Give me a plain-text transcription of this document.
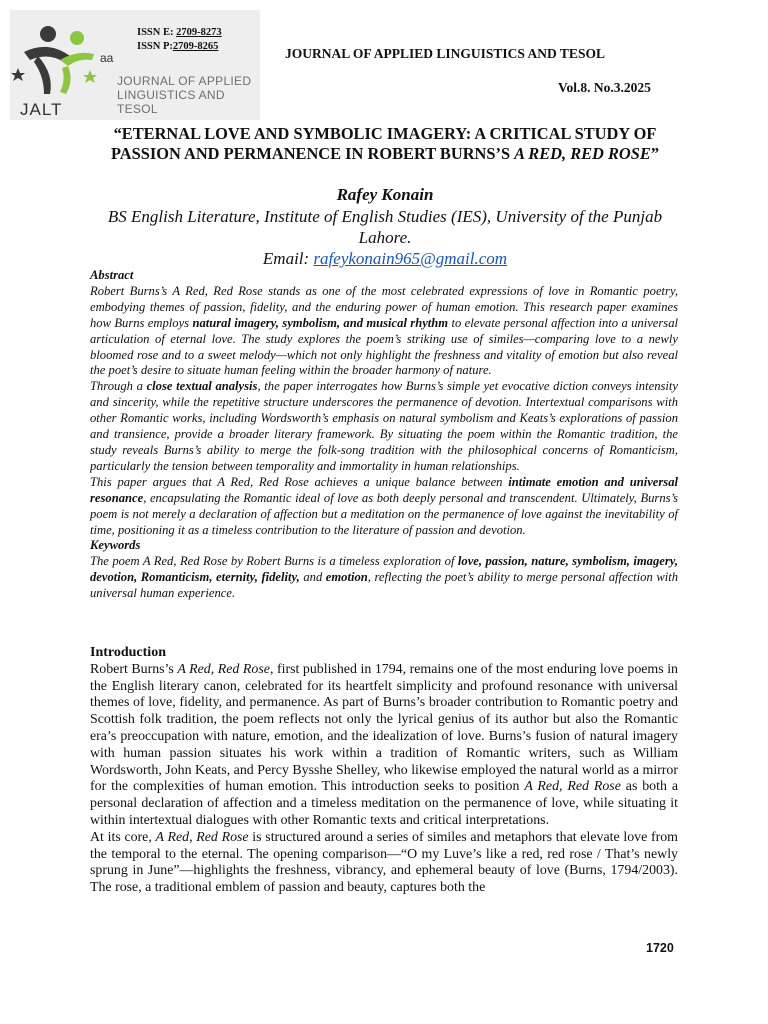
aa
ISSN E: 2709-8273
ISSN P:2709-8265
JOURNAL OF APPLIED LINGUISTICS AND TESOL
JALT
JOURNAL OF APPLIED LINGUISTICS AND TESOL
Vol.8. No.3.2025
“ETERNAL LOVE AND SYMBOLIC IMAGERY: A CRITICAL STUDY OF PASSION AND PERMANENCE IN ROBERT BURNS’S A RED, RED ROSE”
Rafey Konain
BS English Literature, Institute of English Studies (IES), University of the Punjab Lahore.
Email: rafeykonain965@gmail.com

Abstract

Robert Burns’s A Red, Red Rose stands as one of the most celebrated expressions of love in Romantic poetry, embodying themes of passion, fidelity, and the enduring power of human emotion. This research paper examines how Burns employs natural imagery, symbolism, and musical rhythm to elevate personal affection into a universal articulation of eternal love. The study explores the poem’s striking use of similes—comparing love to a newly bloomed rose and to a sweet melody—which not only highlight the freshness and vitality of emotion but also reveal the poet’s desire to situate human feeling within the broader harmony of nature.

Through a close textual analysis, the paper interrogates how Burns’s simple yet evocative diction conveys intensity and sincerity, while the repetitive structure underscores the permanence of devotion. Intertextual comparisons with other Romantic works, including Wordsworth’s emphasis on natural symbolism and Keats’s explorations of passion and transience, provide a broader literary framework. By situating the poem within the Romantic tradition, the study reveals Burns’s ability to merge the folk-song tradition with the philosophical concerns of Romanticism, particularly the tension between temporality and immortality in human relationships.

This paper argues that A Red, Red Rose achieves a unique balance between intimate emotion and universal resonance, encapsulating the Romantic ideal of love as both deeply personal and transcendent. Ultimately, Burns’s poem is not merely a declaration of affection but a meditation on the permanence of love against the inevitability of time, positioning it as a timeless contribution to the literature of passion and devotion.

Keywords

The poem A Red, Red Rose by Robert Burns is a timeless exploration of love, passion, nature, symbolism, imagery, devotion, Romanticism, eternity, fidelity, and emotion, reflecting the poet’s ability to merge personal affection with universal human experience.

Introduction

Robert Burns’s A Red, Red Rose, first published in 1794, remains one of the most enduring love poems in the English literary canon, celebrated for its heartfelt simplicity and profound resonance with universal themes of love, fidelity, and permanence. As part of Burns’s broader contribution to Romantic poetry and Scottish folk tradition, the poem reflects not only the lyrical genius of its author but also the Romantic era’s preoccupation with nature, emotion, and the idealization of love. Burns’s fusion of natural imagery with human passion situates his work within a tradition of Romantic writers, such as William Wordsworth, John Keats, and Percy Bysshe Shelley, who likewise employed the natural world as a mirror for the complexities of human emotion. This introduction seeks to position A Red, Red Rose as both a personal declaration of affection and a timeless meditation on the permanence of love, while situating it within intertextual dialogues with other Romantic texts and critical interpretations.

At its core, A Red, Red Rose is structured around a series of similes and metaphors that elevate love from the temporal to the eternal. The opening comparison—“O my Luve’s like a red, red rose / That’s newly sprung in June”—highlights the freshness, vibrancy, and ephemeral beauty of love (Burns, 1794/2003). The rose, a traditional emblem of passion and beauty, captures both the

1720
